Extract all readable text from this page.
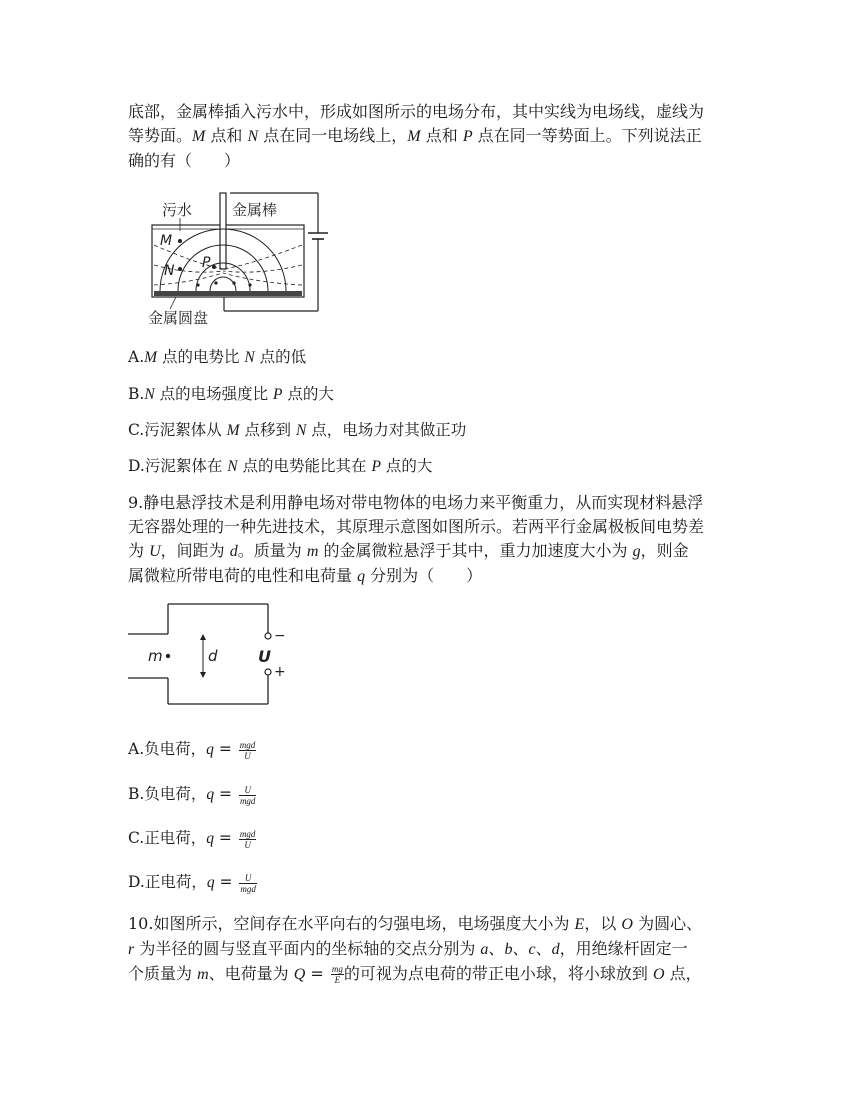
底部，金属棒插入污水中，形成如图所示的电场分布，其中实线为电场线，虚线为
等势面。M 点和 N 点在同一电场线上，M 点和 P 点在同一等势面上。下列说法正
确的有（　　）
污水	金属棒
M
N P
金属圆盘
A.M 点的电势比 N 点的低
B.N 点的电场强度比 P 点的大
C.污泥絮体从 M 点移到 N 点，电场力对其做正功
D.污泥絮体在 N 点的电势能比其在 P 点的大
9.静电悬浮技术是利用静电场对带电物体的电场力来平衡重力，从而实现材料悬浮
无容器处理的一种先进技术，其原理示意图如图所示。若两平行金属极板间电势差
为 U，间距为 d。质量为 m 的金属微粒悬浮于其中，重力加速度大小为 g，则金
属微粒所带电荷的电性和电荷量 q 分别为（　　）
m	d	U
−
+
A.负电荷，$q = \frac{\text{mgd}}{U}$
B.负电荷，$q = \frac{U}{\text{mgd}}$
C.正电荷，$q = \frac{\text{mgd}}{U}$
D.正电荷，$q = \frac{U}{\text{mgd}}$
10.如图所示，空间存在水平向右的匀强电场，电场强度大小为 E，以 O 为圆心、
r 为半径的圆与竖直平面内的坐标轴的交点分别为 a、b、c、d，用绝缘杆固定一
个质量为 m、电荷量为 $Q = \frac{mg}{E}$ 的可视为点电荷的带正电小球，将小球放到 O 点，
